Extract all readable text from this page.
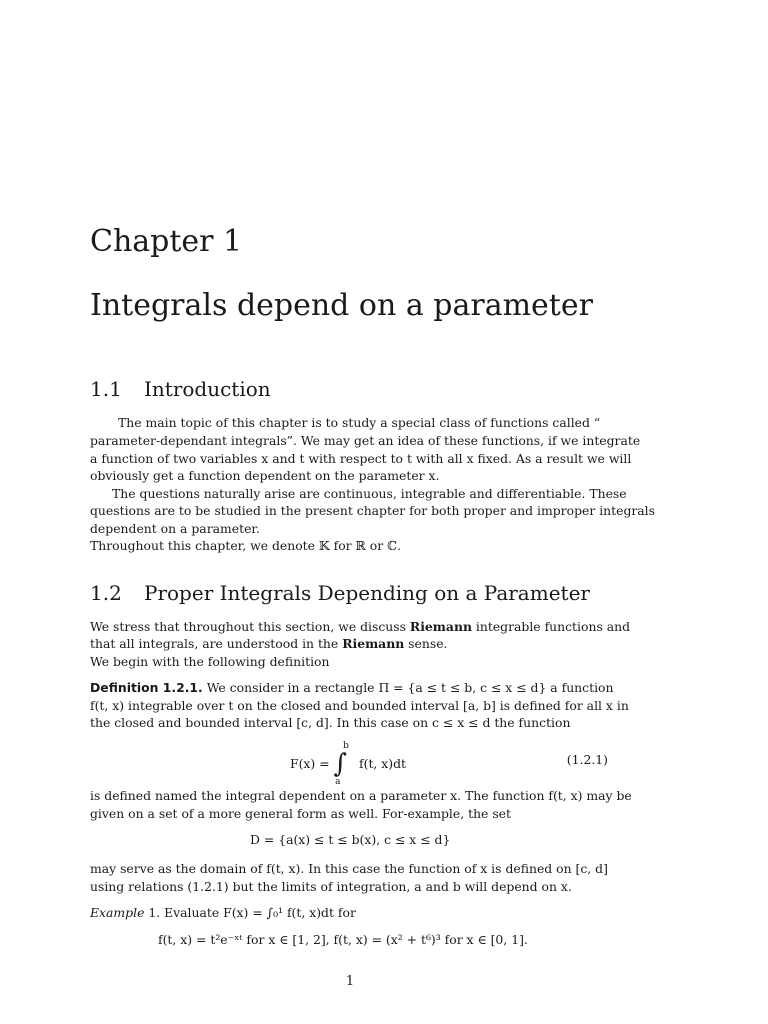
Chapter 1
Integrals depend on a parameter
1.1 Introduction
The main topic of this chapter is to study a special class of functions called “
parameter-dependant integrals”. We may get an idea of these functions, if we integrate
a function of two variables x and t with respect to t with all x fixed. As a result we will
obviously get a function dependent on the parameter x.
The questions naturally arise are continuous, integrable and differentiable. These
questions are to be studied in the present chapter for both proper and improper integrals
dependent on a parameter.
Throughout this chapter, we denote 𝕂 for ℝ or ℂ.
1.2 Proper Integrals Depending on a Parameter
We stress that throughout this section, we discuss Riemann integrable functions and
that all integrals, are understood in the Riemann sense.
We begin with the following definition
Definition 1.2.1. We consider in a rectangle Π = {a ≤ t ≤ b, c ≤ x ≤ d} a function
f(t, x) integrable over t on the closed and bounded interval [a, b] is defined for all x in
the closed and bounded interval [c, d]. In this case on c ≤ x ≤ d the function
F(x) = ∫
b
a
f(t, x)dt	(1.2.1)
is defined named the integral dependent on a parameter x. The function f(t, x) may be
given on a set of a more general form as well. For-example, the set
D = {a(x) ≤ t ≤ b(x), c ≤ x ≤ d}
may serve as the domain of f(t, x). In this case the function of x is defined on [c, d]
using relations (1.2.1) but the limits of integration, a and b will depend on x.
Example 1. Evaluate F(x) = ∫₀¹ f(t, x)dt for
f(t, x) = t²e⁻ˣᵗ for x ∈ [1, 2], f(t, x) = (x² + t⁶)³ for x ∈ [0, 1].
1
